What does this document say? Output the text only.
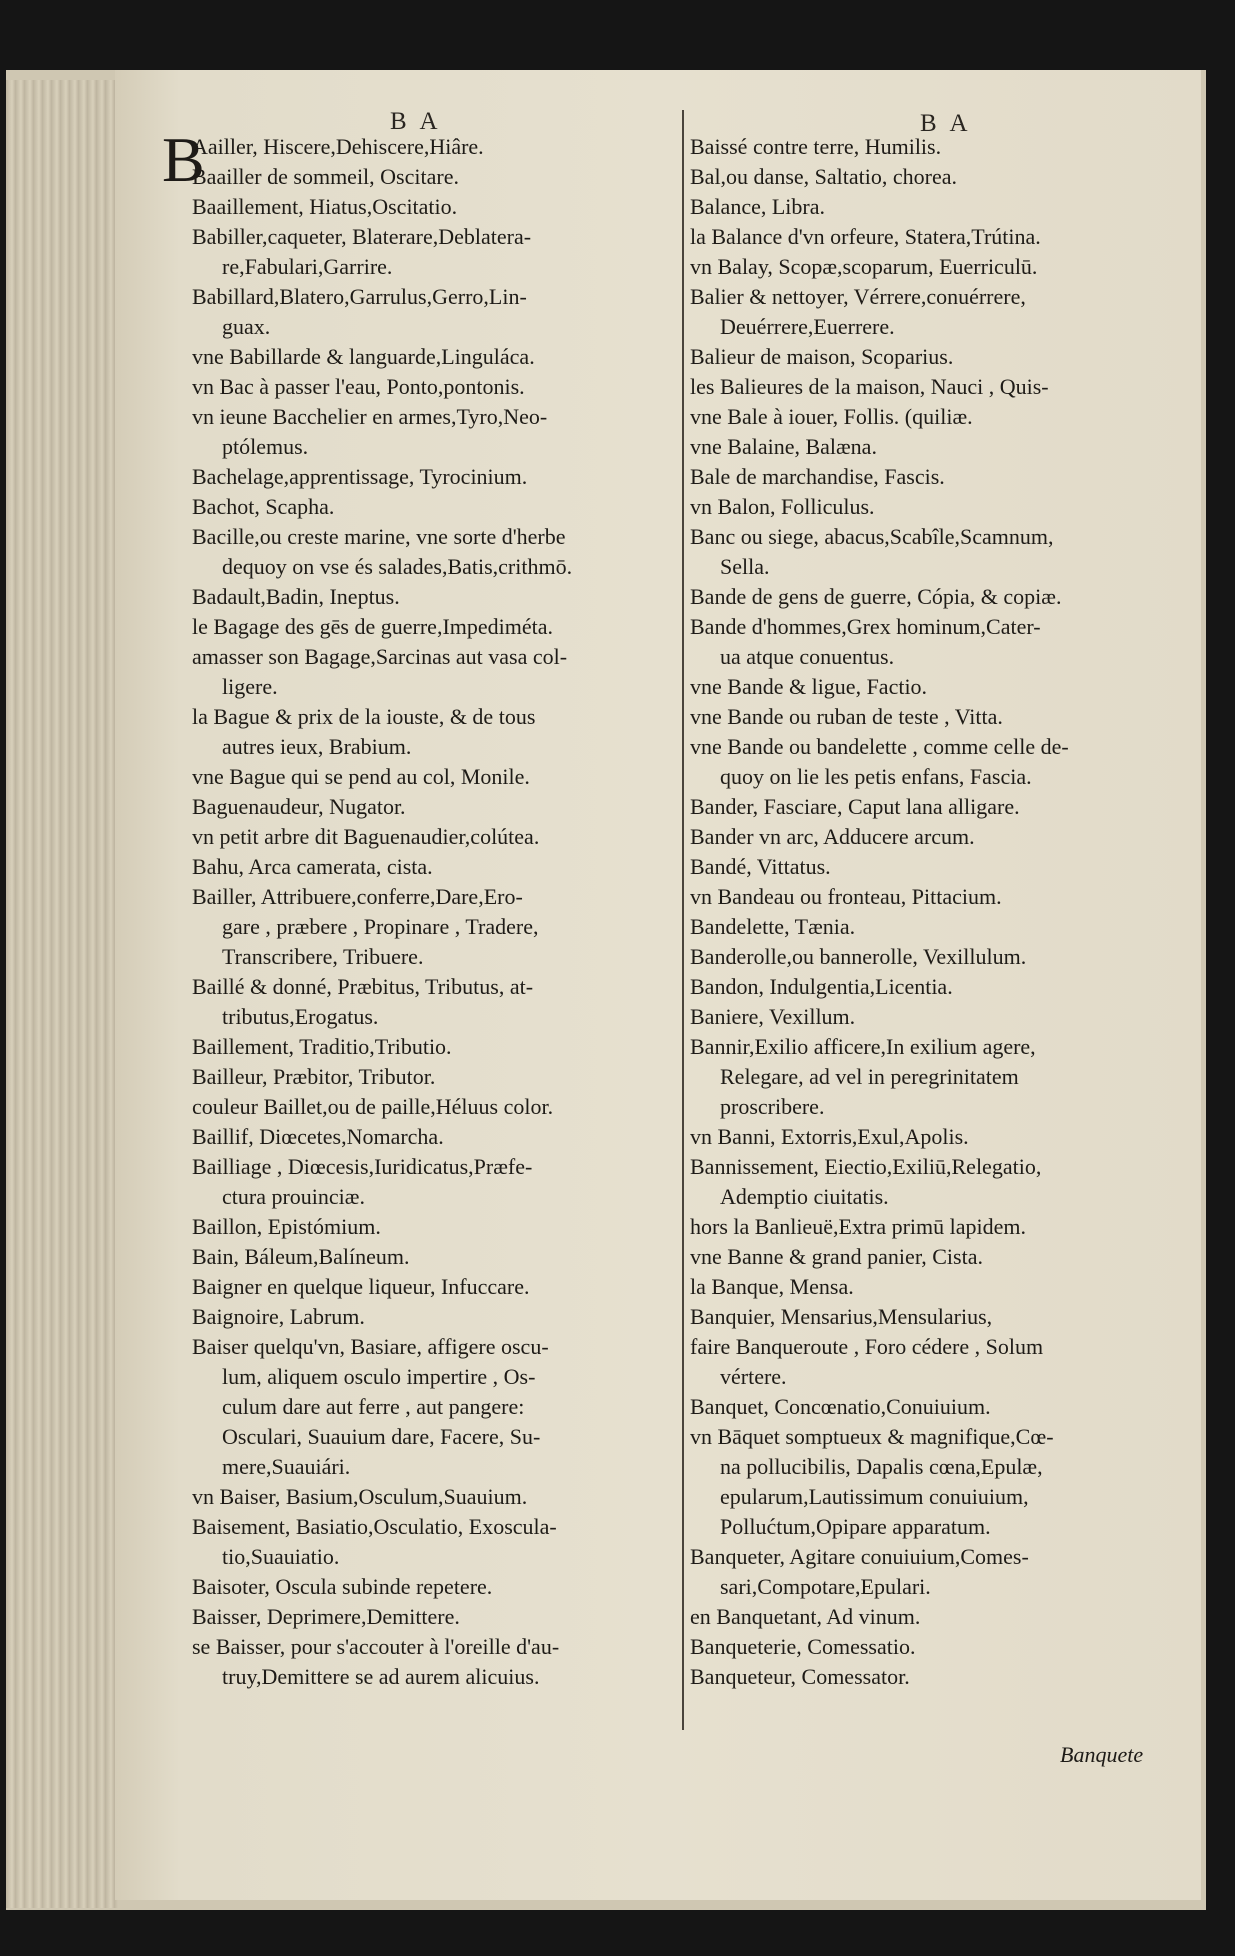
B A	B A
B
Aailler, Hiscere,Dehiscere,Hiâre.
Baailler de sommeil, Oscitare.
Baaillement, Hiatus,Oscitatio.
Babiller,caqueter, Blaterare,Deblatera-
re,Fabulari,Garrire.
Babillard,Blatero,Garrulus,Gerro,Lin-
guax.
vne Babillarde & languarde,Linguláca.
vn Bac à passer l'eau, Ponto,pontonis.
vn ieune Bacchelier en armes,Tyro,Neo-
ptólemus.
Bachelage,apprentissage, Tyrocinium.
Bachot, Scapha.
Bacille,ou creste marine, vne sorte d'herbe
dequoy on vse és salades,Batis,crithmō.
Badault,Badin, Ineptus.
le Bagage des gēs de guerre,Impediméta.
amasser son Bagage,Sarcinas aut vasa col-
ligere.
la Bague & prix de la iouste, & de tous
autres ieux, Brabium.
vne Bague qui se pend au col, Monile.
Baguenaudeur, Nugator.
vn petit arbre dit Baguenaudier,colútea.
Bahu, Arca camerata, cista.
Bailler, Attribuere,conferre,Dare,Ero-
gare , præbere , Propinare , Tradere,
Transcribere, Tribuere.
Baillé & donné, Præbitus, Tributus, at-
tributus,Erogatus.
Baillement, Traditio,Tributio.
Bailleur, Præbitor, Tributor.
couleur Baillet,ou de paille,Héluus color.
Baillif, Diœcetes,Nomarcha.
Bailliage , Diœcesis,Iuridicatus,Præfe-
ctura prouinciæ.
Baillon, Epistómium.
Bain, Báleum,Balíneum.
Baigner en quelque liqueur, Infuccare.
Baignoire, Labrum.
Baiser quelqu'vn, Basiare, affigere oscu-
lum, aliquem osculo impertire , Os-
culum dare aut ferre , aut pangere:
Osculari, Suauium dare, Facere, Su-
mere,Suauiári.
vn Baiser, Basium,Osculum,Suauium.
Baisement, Basiatio,Osculatio, Exoscula-
tio,Suauiatio.
Baisoter, Oscula subinde repetere.
Baisser, Deprimere,Demittere.
se Baisser, pour s'accouter à l'oreille d'au-
truy,Demittere se ad aurem alicuius.
Baissé contre terre, Humilis.
Bal,ou danse, Saltatio, chorea.
Balance, Libra.
la Balance d'vn orfeure, Statera,Trútina.
vn Balay, Scopæ,scoparum, Euerriculū.
Balier & nettoyer, Vérrere,conuérrere,
Deuérrere,Euerrere.
Balieur de maison, Scoparius.
les Balieures de la maison, Nauci , Quis-
vne Bale à iouer, Follis. (quiliæ.
vne Balaine, Balæna.
Bale de marchandise, Fascis.
vn Balon, Folliculus.
Banc ou siege, abacus,Scabîle,Scamnum,
Sella.
Bande de gens de guerre, Cópia, & copiæ.
Bande d'hommes,Grex hominum,Cater-
ua atque conuentus.
vne Bande & ligue, Factio.
vne Bande ou ruban de teste , Vitta.
vne Bande ou bandelette , comme celle de-
quoy on lie les petis enfans, Fascia.
Bander, Fasciare, Caput lana alligare.
Bander vn arc, Adducere arcum.
Bandé, Vittatus.
vn Bandeau ou fronteau, Pittacium.
Bandelette, Tænia.
Banderolle,ou bannerolle, Vexillulum.
Bandon, Indulgentia,Licentia.
Baniere, Vexillum.
Bannir,Exilio afficere,In exilium agere,
Relegare, ad vel in peregrinitatem
proscribere.
vn Banni, Extorris,Exul,Apolis.
Bannissement, Eiectio,Exiliū,Relegatio,
Ademptio ciuitatis.
hors la Banlieuë,Extra primū lapidem.
vne Banne & grand panier, Cista.
la Banque, Mensa.
Banquier, Mensarius,Mensularius,
faire Banqueroute , Foro cédere , Solum
vértere.
Banquet, Concœnatio,Conuiuium.
vn Bāquet somptueux & magnifique,Cœ-
na pollucibilis, Dapalis cœna,Epulæ,
epularum,Lautissimum conuiuium,
Pollućtum,Opipare apparatum.
Banqueter, Agitare conuiuium,Comes-
sari,Compotare,Epulari.
en Banquetant, Ad vinum.
Banqueterie, Comessatio.
Banqueteur, Comessator.
Banquete
